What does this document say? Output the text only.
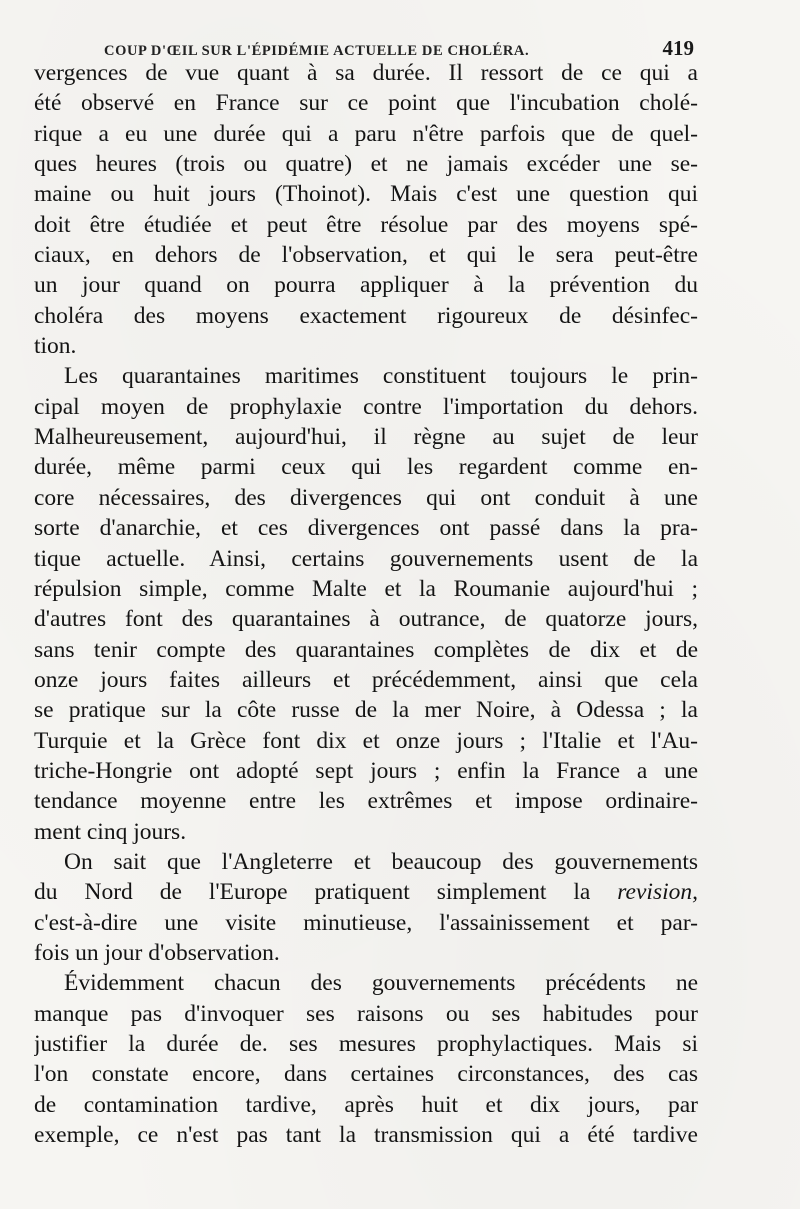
COUP D'ŒIL SUR L'ÉPIDÉMIE ACTUELLE DE CHOLÉRA.	419
vergences de vue quant à sa durée. Il ressort de ce qui a
été observé en France sur ce point que l'incubation cholé-
rique a eu une durée qui a paru n'être parfois que de quel-
ques heures (trois ou quatre) et ne jamais excéder une se-
maine ou huit jours (Thoinot). Mais c'est une question qui
doit être étudiée et peut être résolue par des moyens spé-
ciaux, en dehors de l'observation, et qui le sera peut-être
un jour quand on pourra appliquer à la prévention du
choléra des moyens exactement rigoureux de désinfec-
tion.
Les quarantaines maritimes constituent toujours le prin-
cipal moyen de prophylaxie contre l'importation du dehors.
Malheureusement, aujourd'hui, il règne au sujet de leur
durée, même parmi ceux qui les regardent comme en-
core nécessaires, des divergences qui ont conduit à une
sorte d'anarchie, et ces divergences ont passé dans la pra-
tique actuelle. Ainsi, certains gouvernements usent de la
répulsion simple, comme Malte et la Roumanie aujourd'hui ;
d'autres font des quarantaines à outrance, de quatorze jours,
sans tenir compte des quarantaines complètes de dix et de
onze jours faites ailleurs et précédemment, ainsi que cela
se pratique sur la côte russe de la mer Noire, à Odessa ; la
Turquie et la Grèce font dix et onze jours ; l'Italie et l'Au-
triche-Hongrie ont adopté sept jours ; enfin la France a une
tendance moyenne entre les extrêmes et impose ordinaire-
ment cinq jours.
On sait que l'Angleterre et beaucoup des gouvernements
du Nord de l'Europe pratiquent simplement la revision,
c'est-à-dire une visite minutieuse, l'assainissement et par-
fois un jour d'observation.
Évidemment chacun des gouvernements précédents ne
manque pas d'invoquer ses raisons ou ses habitudes pour
justifier la durée de. ses mesures prophylactiques. Mais si
l'on constate encore, dans certaines circonstances, des cas
de contamination tardive, après huit et dix jours, par
exemple, ce n'est pas tant la transmission qui a été tardive
